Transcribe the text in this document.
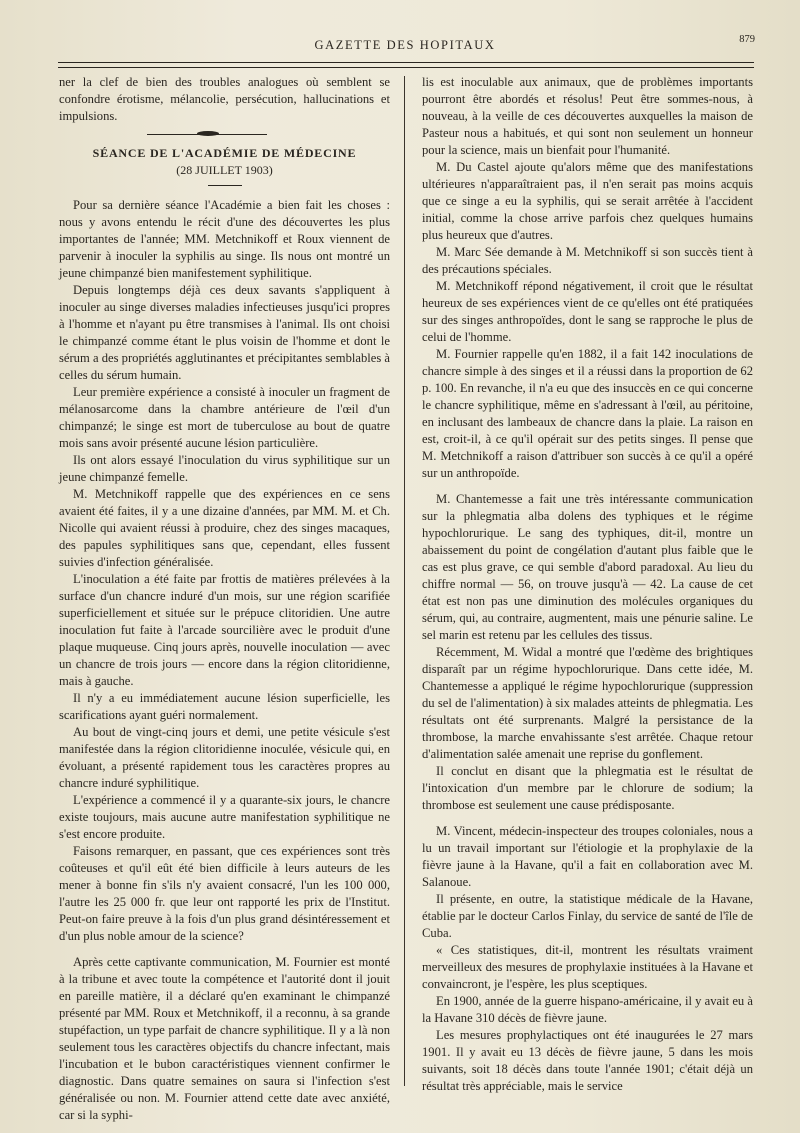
GAZETTE DES HOPITAUX	879

ner la clef de bien des troubles analogues où semblent se confondre érotisme, mélancolie, persécution, hallucinations et impulsions.

SÉANCE DE L'ACADÉMIE DE MÉDECINE

(28 JUILLET 1903)

Pour sa dernière séance l'Académie a bien fait les choses : nous y avons entendu le récit d'une des découvertes les plus importantes de l'année; MM. Metchnikoff et Roux viennent de parvenir à inoculer la syphilis au singe. Ils nous ont montré un jeune chimpanzé bien manifestement syphilitique.

Depuis longtemps déjà ces deux savants s'appliquent à inoculer au singe diverses maladies infectieuses jusqu'ici propres à l'homme et n'ayant pu être transmises à l'animal. Ils ont choisi le chimpanzé comme étant le plus voisin de l'homme et dont le sérum a des propriétés agglutinantes et précipitantes semblables à celles du sérum humain.

Leur première expérience a consisté à inoculer un fragment de mélanosarcome dans la chambre antérieure de l'œil d'un chimpanzé; le singe est mort de tuberculose au bout de quatre mois sans avoir présenté aucune lésion particulière.

Ils ont alors essayé l'inoculation du virus syphilitique sur un jeune chimpanzé femelle.

M. Metchnikoff rappelle que des expériences en ce sens avaient été faites, il y a une dizaine d'années, par MM. M. et Ch. Nicolle qui avaient réussi à produire, chez des singes macaques, des papules syphilitiques sans que, cependant, elles fussent suivies d'infection généralisée.

L'inoculation a été faite par frottis de matières prélevées à la surface d'un chancre induré d'un mois, sur une région scarifiée superficiellement et située sur le prépuce clitoridien. Une autre inoculation fut faite à l'arcade sourcilière avec le produit d'une plaque muqueuse. Cinq jours après, nouvelle inoculation — avec un chancre de trois jours — encore dans la région clitoridienne, mais à gauche.

Il n'y a eu immédiatement aucune lésion superficielle, les scarifications ayant guéri normalement.

Au bout de vingt-cinq jours et demi, une petite vésicule s'est manifestée dans la région clitoridienne inoculée, vésicule qui, en évoluant, a présenté rapidement tous les caractères propres au chancre induré syphilitique.

L'expérience a commencé il y a quarante-six jours, le chancre existe toujours, mais aucune autre manifestation syphilitique ne s'est encore produite.

Faisons remarquer, en passant, que ces expériences sont très coûteuses et qu'il eût été bien difficile à leurs auteurs de les mener à bonne fin s'ils n'y avaient consacré, l'un les 100 000, l'autre les 25 000 fr. que leur ont rapporté les prix de l'Institut. Peut-on faire preuve à la fois d'un plus grand désintéressement et d'un plus noble amour de la science?

Après cette captivante communication, M. Fournier est monté à la tribune et avec toute la compétence et l'autorité dont il jouit en pareille matière, il a déclaré qu'en examinant le chimpanzé présenté par MM. Roux et Metchnikoff, il a reconnu, à sa grande stupéfaction, un type parfait de chancre syphilitique. Il y a là non seulement tous les caractères objectifs du chancre infectant, mais l'incubation et le bubon caractéristiques viennent confirmer le diagnostic. Dans quatre semaines on saura si l'infection s'est généralisée ou non. M. Fournier attend cette date avec anxiété, car si la syphi-

lis est inoculable aux animaux, que de problèmes importants pourront être abordés et résolus! Peut être sommes-nous, à nouveau, à la veille de ces découvertes auxquelles la maison de Pasteur nous a habitués, et qui sont non seulement un honneur pour la science, mais un bienfait pour l'humanité.

M. Du Castel ajoute qu'alors même que des manifestations ultérieures n'apparaîtraient pas, il n'en serait pas moins acquis que ce singe a eu la syphilis, qui se serait arrêtée à l'accident initial, comme la chose arrive parfois chez quelques humains plus heureux que d'autres.

M. Marc Sée demande à M. Metchnikoff si son succès tient à des précautions spéciales.

M. Metchnikoff répond négativement, il croit que le résultat heureux de ses expériences vient de ce qu'elles ont été pratiquées sur des singes anthropoïdes, dont le sang se rapproche le plus de celui de l'homme.

M. Fournier rappelle qu'en 1882, il a fait 142 inoculations de chancre simple à des singes et il a réussi dans la proportion de 62 p. 100. En revanche, il n'a eu que des insuccès en ce qui concerne le chancre syphilitique, même en s'adressant à l'œil, au péritoine, en inclusant des lambeaux de chancre dans la plaie. La raison en est, croit-il, à ce qu'il opérait sur des petits singes. Il pense que M. Metchnikoff a raison d'attribuer son succès à ce qu'il a opéré sur un anthropoïde.

M. Chantemesse a fait une très intéressante communication sur la phlegmatia alba dolens des typhiques et le régime hypochlorurique. Le sang des typhiques, dit-il, montre un abaissement du point de congélation d'autant plus faible que le cas est plus grave, ce qui semble d'abord paradoxal. Au lieu du chiffre normal — 56, on trouve jusqu'à — 42. La cause de cet état est non pas une diminution des molécules organiques du sérum, qui, au contraire, augmentent, mais une pénurie saline. Le sel marin est retenu par les cellules des tissus.

Récemment, M. Widal a montré que l'œdème des brightiques disparaît par un régime hypochlorurique. Dans cette idée, M. Chantemesse a appliqué le régime hypochlorurique (suppression du sel de l'alimentation) à six malades atteints de phlegmatia. Les résultats ont été surprenants. Malgré la persistance de la thrombose, la marche envahissante s'est arrêtée. Chaque retour d'alimentation salée amenait une reprise du gonflement.

Il conclut en disant que la phlegmatia est le résultat de l'intoxication d'un membre par le chlorure de sodium; la thrombose est seulement une cause prédisposante.

M. Vincent, médecin-inspecteur des troupes coloniales, nous a lu un travail important sur l'étiologie et la prophylaxie de la fièvre jaune à la Havane, qu'il a fait en collaboration avec M. Salanoue.

Il présente, en outre, la statistique médicale de la Havane, établie par le docteur Carlos Finlay, du service de santé de l'île de Cuba.

« Ces statistiques, dit-il, montrent les résultats vraiment merveilleux des mesures de prophylaxie instituées à la Havane et convaincront, je l'espère, les plus sceptiques.

En 1900, année de la guerre hispano-américaine, il y avait eu à la Havane 310 décès de fièvre jaune.

Les mesures prophylactiques ont été inaugurées le 27 mars 1901. Il y avait eu 13 décès de fièvre jaune, 5 dans les mois suivants, soit 18 décès dans toute l'année 1901; c'était déjà un résultat très appréciable, mais le service
